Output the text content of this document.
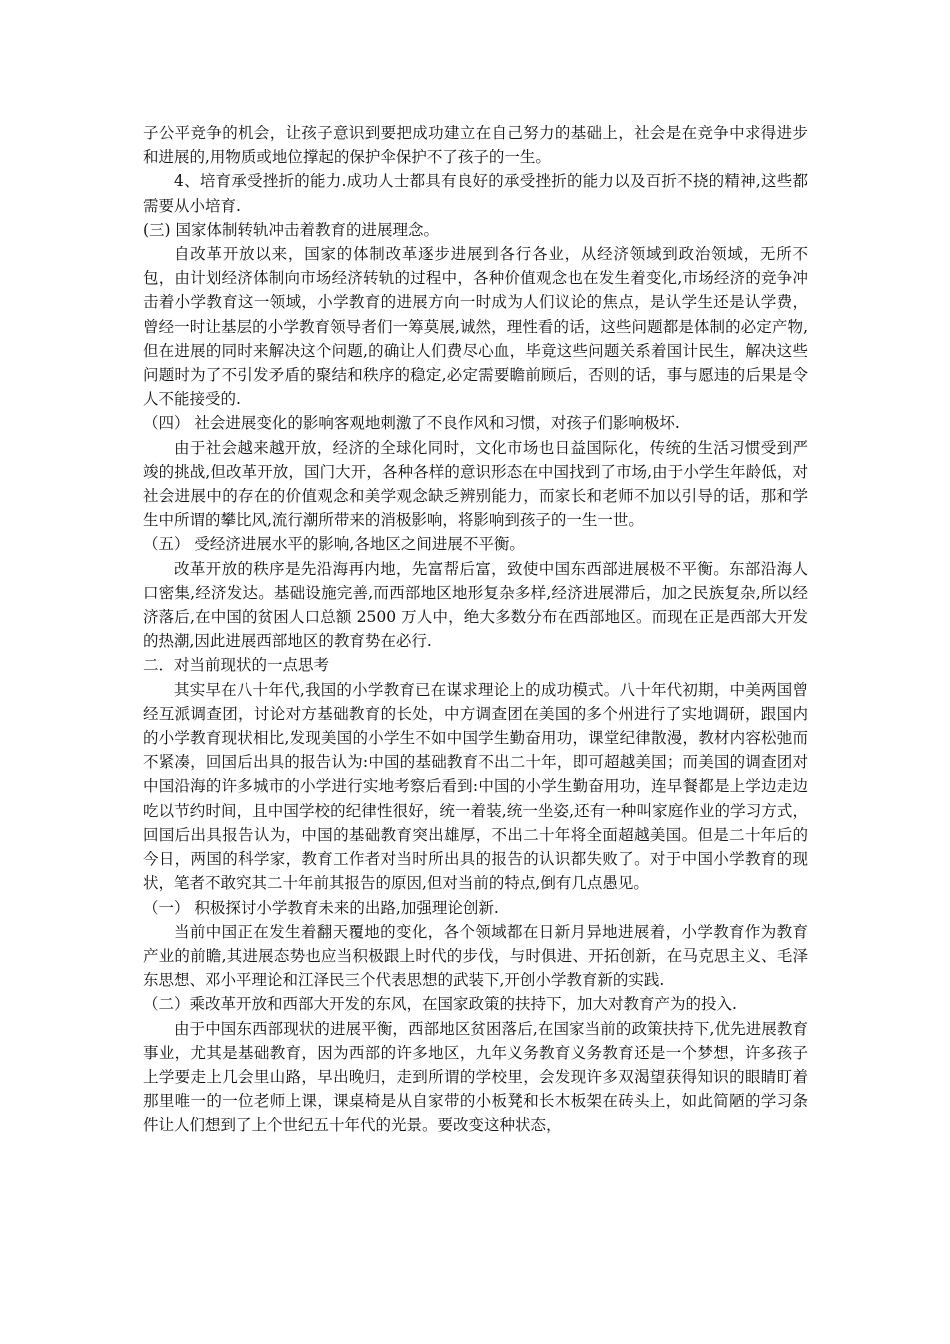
子公平竞争的机会，让孩子意识到要把成功建立在自己努力的基础上，社会是在竞争中求得进步和进展的,用物质或地位撑起的保护伞保护不了孩子的一生。

4、培育承受挫折的能力.成功人士都具有良好的承受挫折的能力以及百折不挠的精神,这些都需要从小培育.

(三) 国家体制转轨冲击着教育的进展理念。

自改革开放以来，国家的体制改革逐步进展到各行各业，从经济领域到政治领域，无所不包，由计划经济体制向市场经济转轨的过程中，各种价值观念也在发生着变化,市场经济的竞争冲击着小学教育这一领域，小学教育的进展方向一时成为人们议论的焦点，是认学生还是认学费，曾经一时让基层的小学教育领导者们一筹莫展,诚然，理性看的话，这些问题都是体制的必定产物,但在进展的同时来解决这个问题,的确让人们费尽心血，毕竟这些问题关系着国计民生，解决这些问题时为了不引发矛盾的聚结和秩序的稳定,必定需要瞻前顾后，否则的话，事与愿违的后果是令人不能接受的.

（四） 社会进展变化的影响客观地刺激了不良作风和习惯，对孩子们影响极坏.

由于社会越来越开放，经济的全球化同时，文化市场也日益国际化，传统的生活习惯受到严竣的挑战,但改革开放，国门大开，各种各样的意识形态在中国找到了市场,由于小学生年龄低，对社会进展中的存在的价值观念和美学观念缺乏辨别能力，而家长和老师不加以引导的话，那和学生中所谓的攀比风,流行潮所带来的消极影响，将影响到孩子的一生一世。

（五） 受经济进展水平的影响,各地区之间进展不平衡。

改革开放的秩序是先沿海再内地，先富帮后富，致使中国东西部进展极不平衡。东部沿海人口密集,经济发达。基础设施完善,而西部地区地形复杂多样,经济进展滞后，加之民族复杂,所以经济落后,在中国的贫困人口总额 2500 万人中，绝大多数分布在西部地区。而现在正是西部大开发的热潮,因此进展西部地区的教育势在必行.

二．对当前现状的一点思考

其实早在八十年代,我国的小学教育已在谋求理论上的成功模式。八十年代初期，中美两国曾经互派调查团，讨论对方基础教育的长处，中方调查团在美国的多个州进行了实地调研，跟国内的小学教育现状相比,发现美国的小学生不如中国学生勤奋用功，课堂纪律散漫，教材内容松弛而不紧凑，回国后出具的报告认为:中国的基础教育不出二十年，即可超越美国；而美国的调查团对中国沿海的许多城市的小学进行实地考察后看到:中国的小学生勤奋用功，连早餐都是上学边走边吃以节约时间，且中国学校的纪律性很好，统一着装,统一坐姿,还有一种叫家庭作业的学习方式，回国后出具报告认为，中国的基础教育突出雄厚，不出二十年将全面超越美国。但是二十年后的今日，两国的科学家，教育工作者对当时所出具的报告的认识都失败了。对于中国小学教育的现状，笔者不敢究其二十年前其报告的原因,但对当前的特点,倒有几点愚见。

（一） 积极探讨小学教育未来的出路,加强理论创新.

当前中国正在发生着翻天覆地的变化，各个领域都在日新月异地进展着，小学教育作为教育产业的前瞻,其进展态势也应当积极跟上时代的步伐，与时俱进、开拓创新，在马克思主义、毛泽东思想、邓小平理论和江泽民三个代表思想的武装下,开创小学教育新的实践.

（二）乘改革开放和西部大开发的东风，在国家政策的扶持下，加大对教育产为的投入.

由于中国东西部现状的进展平衡，西部地区贫困落后,在国家当前的政策扶持下,优先进展教育事业，尤其是基础教育，因为西部的许多地区，九年义务教育义务教育还是一个梦想，许多孩子上学要走上几会里山路，早出晚归，走到所谓的学校里，会发现许多双渴望获得知识的眼睛盯着那里唯一的一位老师上课，课桌椅是从自家带的小板凳和长木板架在砖头上，如此简陋的学习条件让人们想到了上个世纪五十年代的光景。要改变这种状态，
